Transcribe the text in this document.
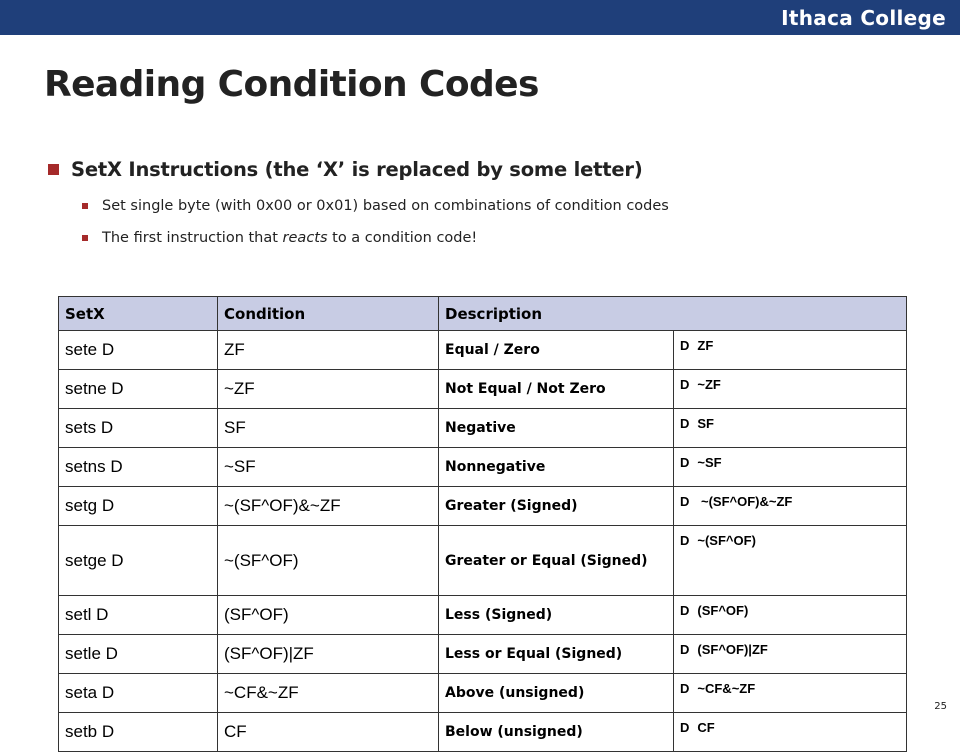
Ithaca College
Reading Condition Codes
SetX Instructions (the ‘X’ is replaced by some letter)
Set single byte (with 0x00 or 0x01) based on combinations of condition codes
The first instruction that reacts to a condition code!
SetX	Condition	Description	
sete D	ZF	Equal / Zero	D ZF
setne D	~ZF	Not Equal / Not Zero	D ~ZF
sets D	SF	Negative	D SF
setns D	~SF	Nonnegative	D ~SF
setg D	~(SF^OF)&~ZF	Greater (Signed)	D ~(SF^OF)&~ZF
setge D	~(SF^OF)	Greater or Equal (Signed)	D ~(SF^OF)
setl D	(SF^OF)	Less (Signed)	D (SF^OF)
setle D	(SF^OF)|ZF	Less or Equal (Signed)	D (SF^OF)|ZF
seta D	~CF&~ZF	Above (unsigned)	D ~CF&~ZF
setb D	CF	Below (unsigned)	D CF
25
